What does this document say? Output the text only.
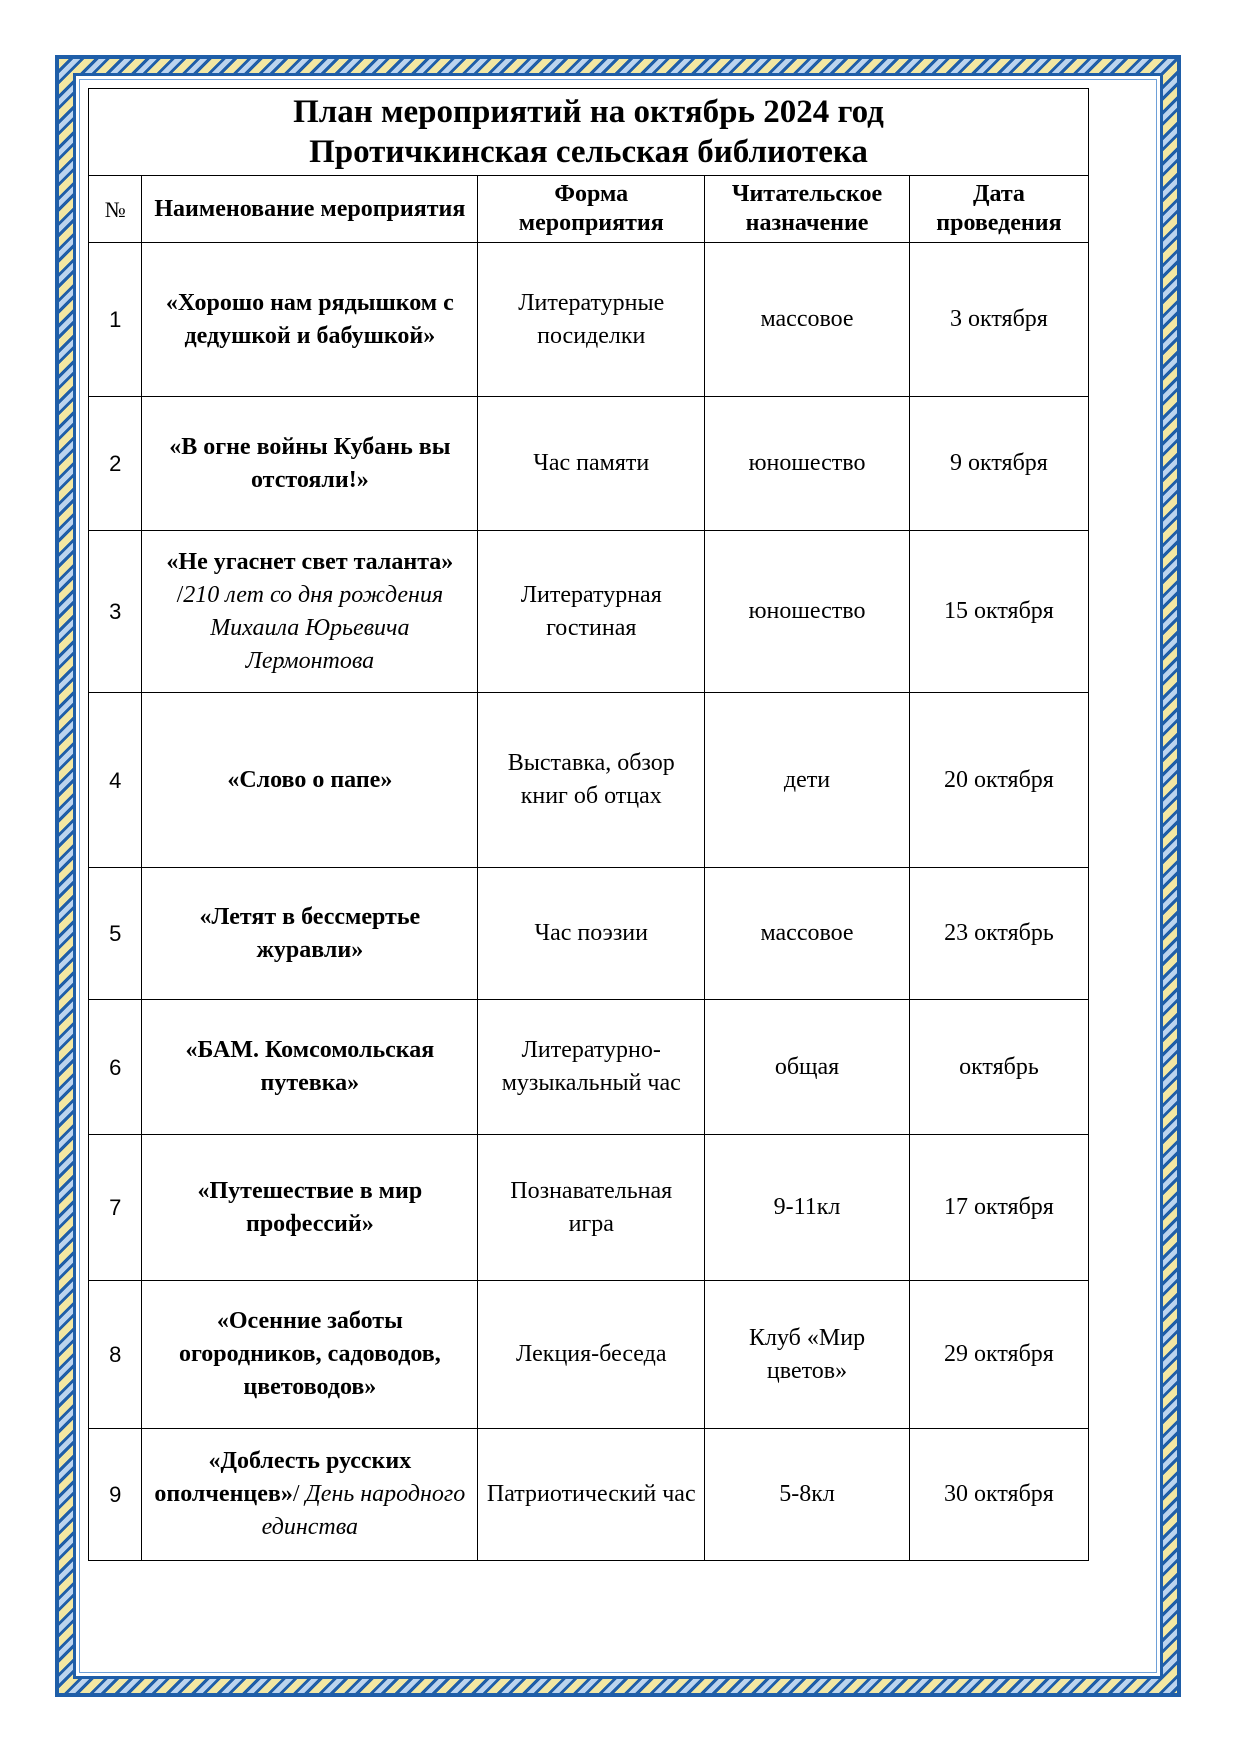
План мероприятий на октябрь 2024 год
Протичкинская сельская библиотека				

№	Наименование мероприятия	Форма мероприятия	Читательское назначение	Дата проведения
1	«Хорошо нам рядышком с дедушкой и бабушкой»	Литературные посиделки	массовое	3 октября
2	«В огне войны Кубань вы отстояли!»	Час памяти	юношество	9 октября
3	«Не угаснет свет таланта» /210 лет со дня рождения Михаила Юрьевича Лермонтова	Литературная гостиная	юношество	15 октября
4	«Слово о папе»	Выставка, обзор книг об отцах	дети	20 октября
5	«Летят в бессмертье журавли»	Час поэзии	массовое	23 октябрь
6	«БАМ. Комсомольская путевка»	Литературно-музыкальный час	общая	октябрь
7	«Путешествие в мир профессий»	Познавательная игра	9-11кл	17 октября
8	«Осенние заботы огородников, садоводов, цветоводов»	Лекция-беседа	Клуб «Мир цветов»	29 октября
9	«Доблесть русских ополченцев»/ День народного единства	Патриотический час	5-8кл	30 октября
